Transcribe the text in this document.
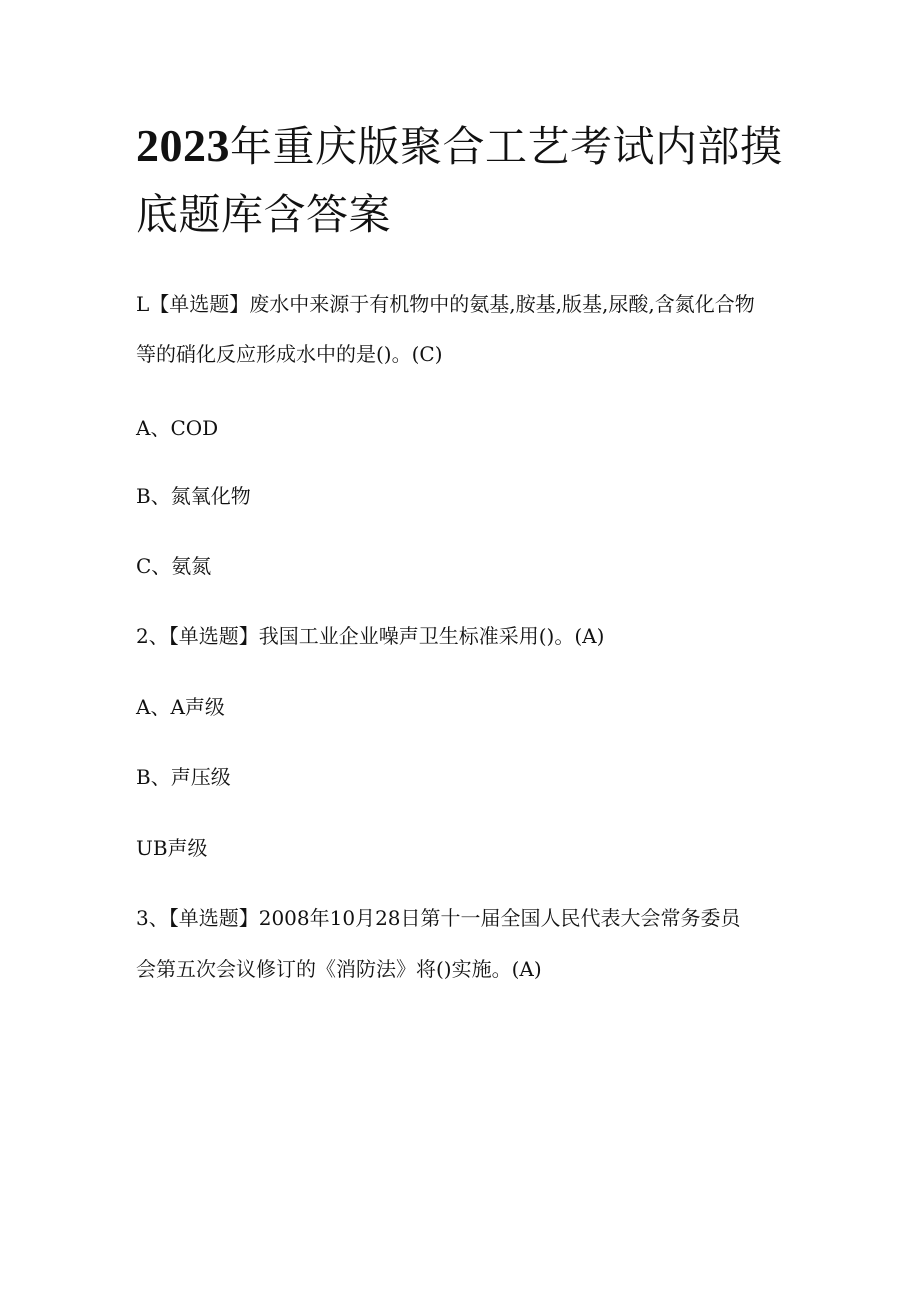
2023年重庆版聚合工艺考试内部摸
底题库含答案

L【单选题】废水中来源于有机物中的氨基,胺基,版基,尿酸,含氮化合物

等的硝化反应形成水中的是()。(C)

A、COD

B、氮氧化物

C、氨氮

2、【单选题】我国工业企业噪声卫生标准采用()。(A)

A、A声级

B、声压级

UB声级

3、【单选题】2008年10月28日第十一届全国人民代表大会常务委员

会第五次会议修订的《消防法》将()实施。(A)
